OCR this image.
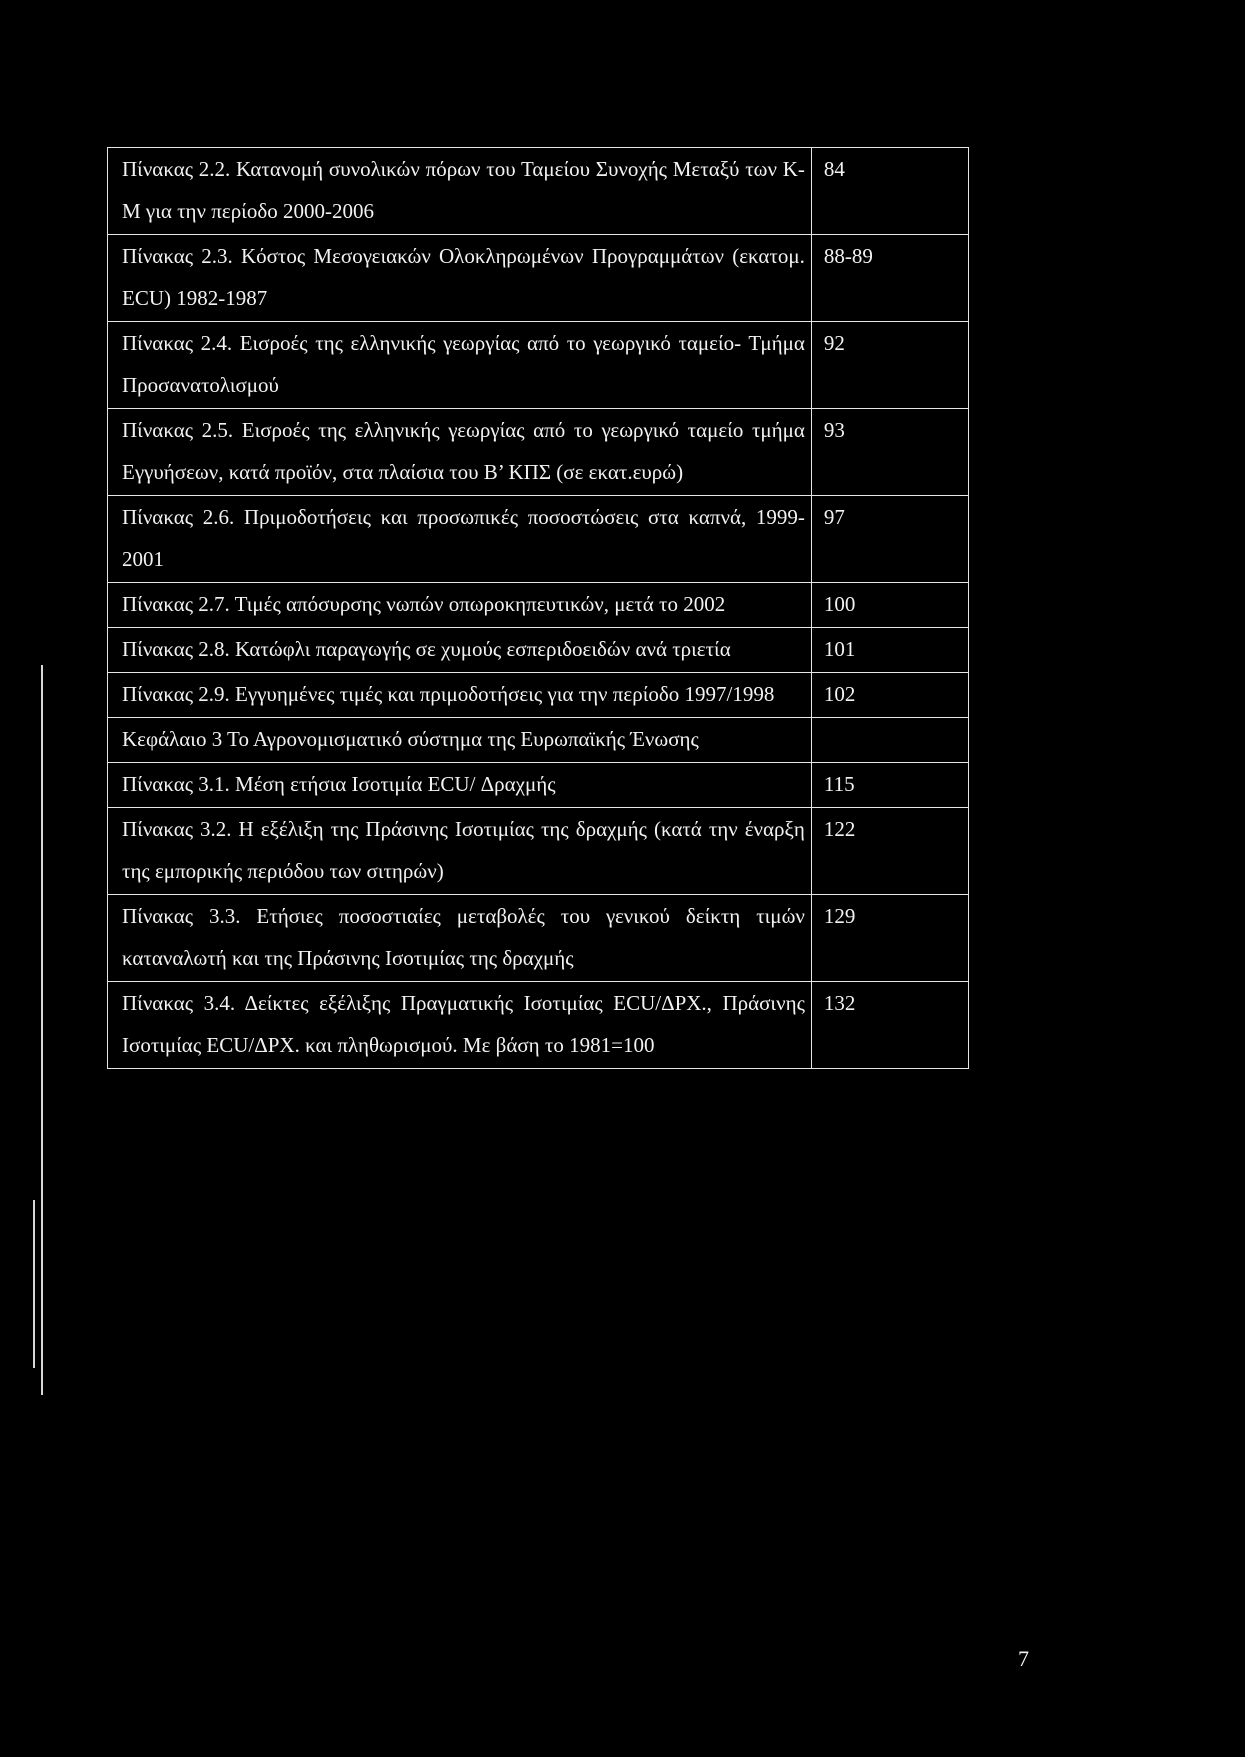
Πίνακας 2.2. Κατανομή συνολικών πόρων του Ταμείου Συνοχής Μεταξύ των Κ-Μ για την περίοδο 2000-2006	84
Πίνακας 2.3. Κόστος Μεσογειακών Ολοκληρωμένων Προγραμμάτων (εκατομ. ECU) 1982-1987	88-89
Πίνακας 2.4. Εισροές της ελληνικής γεωργίας από το γεωργικό ταμείο- Τμήμα Προσανατολισμού	92
Πίνακας 2.5. Εισροές της ελληνικής γεωργίας από το γεωργικό ταμείο τμήμα Εγγυήσεων, κατά προϊόν, στα πλαίσια του Β’ ΚΠΣ (σε εκατ.ευρώ)	93
Πίνακας 2.6. Πριμοδοτήσεις και προσωπικές ποσοστώσεις στα καπνά, 1999-2001	97
Πίνακας 2.7. Τιμές απόσυρσης νωπών οπωροκηπευτικών, μετά το 2002	100
Πίνακας 2.8. Κατώφλι παραγωγής σε χυμούς εσπεριδοειδών ανά τριετία	101
Πίνακας 2.9. Εγγυημένες τιμές και πριμοδοτήσεις για την περίοδο 1997/1998	102
Κεφάλαιο 3 Το Αγρονομισματικό σύστημα της Ευρωπαϊκής Ένωσης	
Πίνακας 3.1. Μέση ετήσια Ισοτιμία ECU/ Δραχμής	115
Πίνακας 3.2. Η εξέλιξη της Πράσινης Ισοτιμίας της δραχμής (κατά την έναρξη της εμπορικής περιόδου των σιτηρών)	122
Πίνακας 3.3. Ετήσιες ποσοστιαίες μεταβολές του γενικού δείκτη τιμών καταναλωτή και της Πράσινης Ισοτιμίας της δραχμής	129
Πίνακας 3.4. Δείκτες εξέλιξης Πραγματικής Ισοτιμίας ECU/ΔΡΧ., Πράσινης Ισοτιμίας ECU/ΔΡΧ. και πληθωρισμού. Με βάση το 1981=100	132
7
